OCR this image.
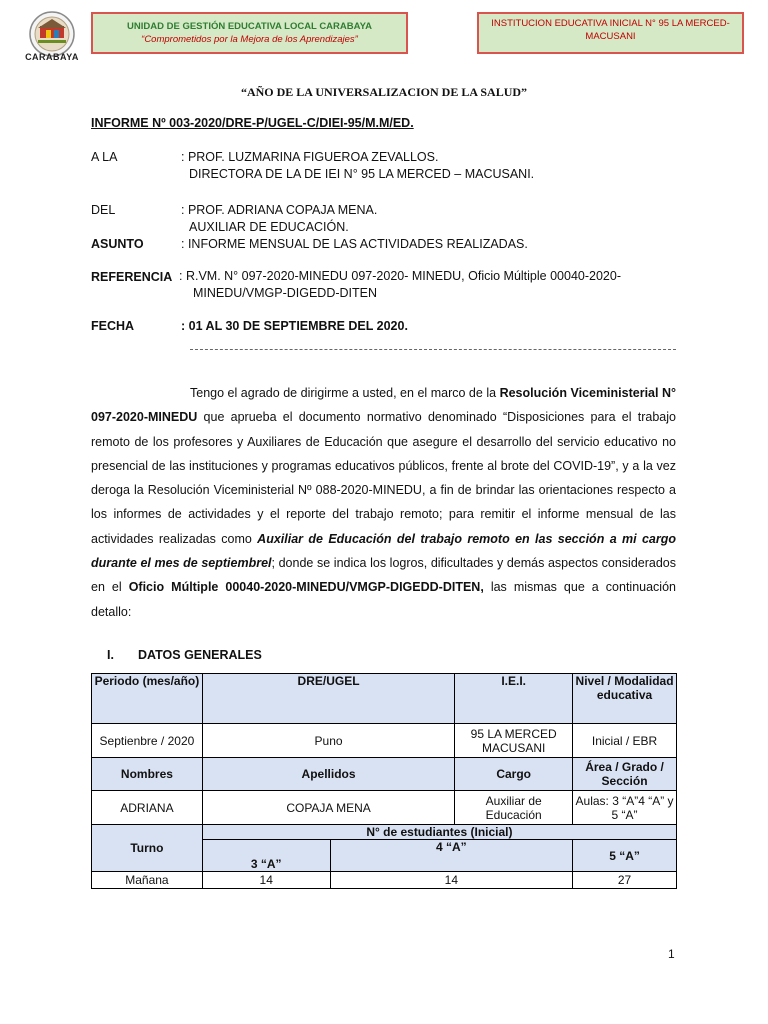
CARABAYA
UNIDAD DE GESTIÓN EDUCATIVA LOCAL CARABAYA
“Comprometidos por la Mejora de los Aprendizajes”
INSTITUCION EDUCATIVA INICIAL N° 95 LA MERCED-
MACUSANI
“AÑO DE LA UNIVERSALIZACION DE LA SALUD”
INFORME Nº 003-2020/DRE-P/UGEL-C/DIEI-95/M.M/ED.
A LA	: PROF. LUZMARINA FIGUEROA ZEVALLOS.
DIRECTORA DE LA DE IEI N° 95 LA MERCED – MACUSANI.
DEL	: PROF. ADRIANA COPAJA MENA.
AUXILIAR DE EDUCACIÓN.
ASUNTO	: INFORME MENSUAL DE LAS ACTIVIDADES REALIZADAS.
REFERENCIA : R.VM. N° 097-2020-MINEDU 097-2020- MINEDU, Oficio Múltiple 00040-2020-
MINEDU/VMGP-DIGEDD-DITEN
FECHA	: 01 AL 30 DE SEPTIEMBRE DEL 2020.
Tengo el agrado de dirigirme a usted, en el marco de la Resolución Viceministerial N° 097-2020-MINEDU que aprueba el documento normativo denominado “Disposiciones para el trabajo remoto de los profesores y Auxiliares de Educación que asegure el desarrollo del servicio educativo no presencial de las instituciones y programas educativos públicos, frente al brote del COVID-19”, y a la vez deroga la Resolución Viceministerial Nº 088-2020-MINEDU, a fin de brindar las orientaciones respecto a los informes de actividades y el reporte del trabajo remoto; para remitir el informe mensual de las actividades realizadas como Auxiliar de Educación del trabajo remoto en las sección a mi cargo durante el mes de septiembrel; donde se indica los logros, dificultades y demás aspectos considerados en el Oficio Múltiple 00040-2020-MINEDU/VMGP-DIGEDD-DITEN, las mismas que a continuación detallo:
I. DATOS GENERALES
Periodo (mes/año)	DRE/UGEL		I.E.I.	Nivel / Modalidad educativa
Septienbre / 2020	Puno		95 LA MERCED MACUSANI	Inicial / EBR
Nombres	Apellidos		Cargo	Área / Grado / Sección
ADRIANA	COPAJA MENA		Auxiliar de Educación	Aulas: 3 “A”4 “A” y 5 “A”
Turno	N° de estudiantes (Inicial)			
	3 “A”	4 “A”		5 “A”
Mañana	14	14		27
1
